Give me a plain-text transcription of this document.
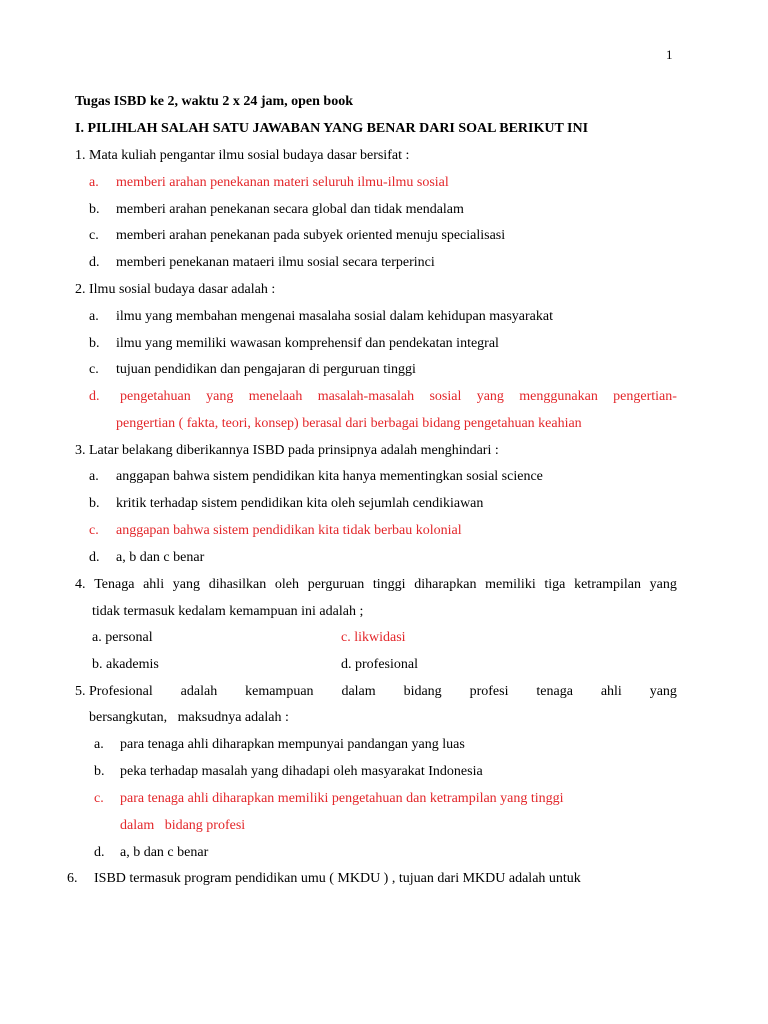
1
Tugas ISBD ke 2, waktu 2 x 24 jam, open book
I. PILIHLAH SALAH SATU JAWABAN YANG BENAR DARI SOAL BERIKUT INI
1. Mata kuliah pengantar ilmu sosial budaya dasar bersifat :
a. memberi arahan penekanan materi seluruh ilmu-ilmu sosial
b. memberi arahan penekanan secara global dan tidak mendalam
c. memberi arahan penekanan pada subyek oriented menuju specialisasi
d. memberi penekanan mataeri ilmu sosial secara terperinci
2. Ilmu sosial budaya dasar adalah :
a. ilmu yang membahan mengenai masalaha sosial dalam kehidupan masyarakat
b. ilmu yang memiliki wawasan komprehensif dan pendekatan integral
c. tujuan pendidikan dan pengajaran di perguruan tinggi
d. pengetahuan yang menelaah masalah-masalah sosial yang menggunakan pengertian-
pengertian ( fakta, teori, konsep) berasal dari berbagai bidang pengetahuan keahian
3. Latar belakang diberikannya ISBD pada prinsipnya adalah menghindari :
a. anggapan bahwa sistem pendidikan kita hanya mementingkan sosial science
b. kritik terhadap sistem pendidikan kita oleh sejumlah cendikiawan
c. anggapan bahwa sistem pendidikan kita tidak berbau kolonial
d. a, b dan c benar
4. Tenaga ahli yang dihasilkan oleh perguruan tinggi diharapkan memiliki tiga ketrampilan yang
tidak termasuk kedalam kemampuan ini adalah ;
a. personal	c. likwidasi
b. akademis	d. profesional
5. Profesional adalah kemampuan dalam bidang profesi tenaga ahli yang
bersangkutan,   maksudnya adalah :
a. para tenaga ahli diharapkan mempunyai pandangan yang luas
b. peka terhadap masalah yang dihadapi oleh masyarakat Indonesia
c. para tenaga ahli diharapkan memiliki pengetahuan dan ketrampilan yang tinggi
dalam   bidang profesi
d. a, b dan c benar
6. ISBD termasuk program pendidikan umu ( MKDU ) , tujuan dari MKDU adalah untuk
